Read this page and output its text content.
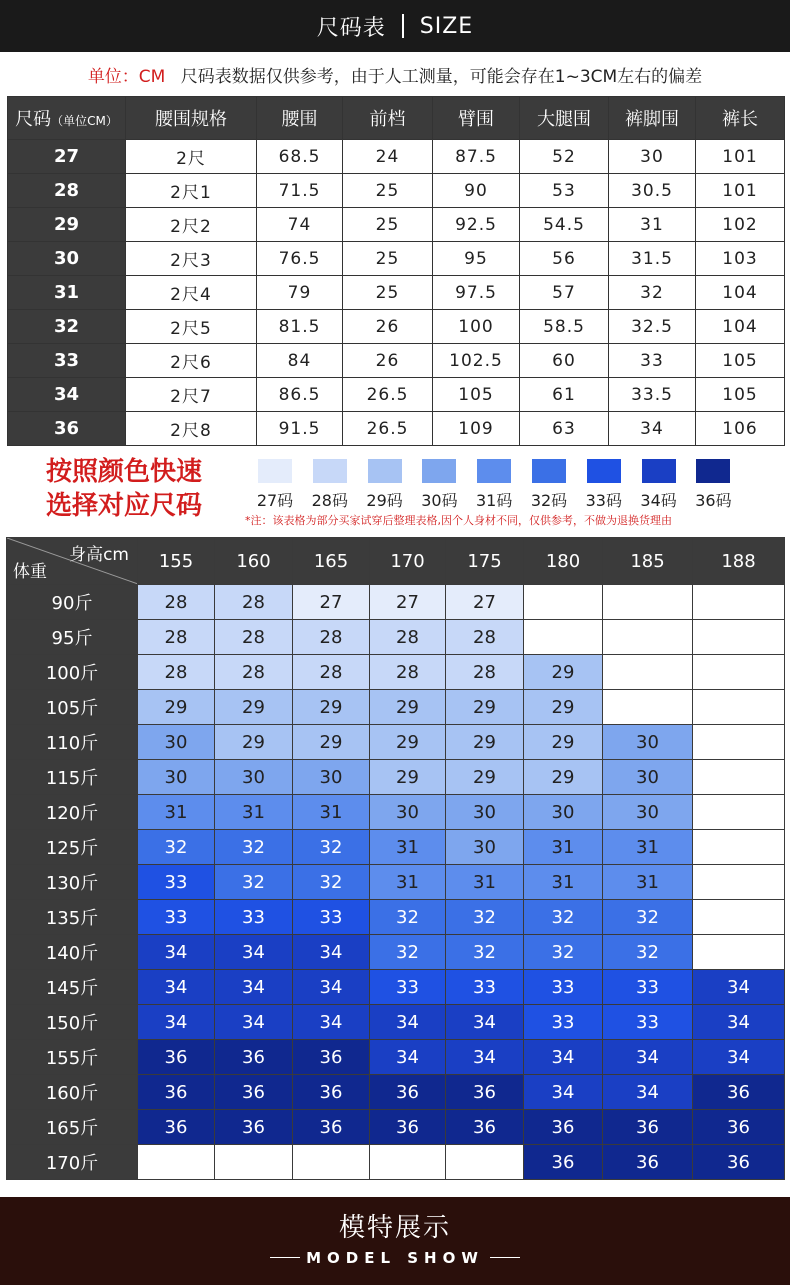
尺码表 SIZE
单位：CM 尺码表数据仅供参考，由于人工测量，可能会存在1~3CM左右的偏差
尺码（单位CM）	腰围规格	腰围	前档	臂围	大腿围	裤脚围	裤长
27	2尺	68.5	24	87.5	52	30	101
28	2尺1	71.5	25	90	53	30.5	101
29	2尺2	74	25	92.5	54.5	31	102
30	2尺3	76.5	25	95	56	31.5	103
31	2尺4	79	25	97.5	57	32	104
32	2尺5	81.5	26	100	58.5	32.5	104
33	2尺6	84	26	102.5	60	33	105
34	2尺7	86.5	26.5	105	61	33.5	105
36	2尺8	91.5	26.5	109	63	34	106
按照颜色快速
选择对应尺码	27码	28码	29码	30码	31码	32码	33码	34码	36码
*注：该表格为部分买家试穿后整理表格,因个人身材不同，仅供参考，不做为退换货理由
身高cm
体重	155	160	165	170	175	180	185	188
90斤	28	28	27	27	27			
95斤	28	28	28	28	28			
100斤	28	28	28	28	28	29		
105斤	29	29	29	29	29	29		
110斤	30	29	29	29	29	29	30	
115斤	30	30	30	29	29	29	30	
120斤	31	31	31	30	30	30	30	
125斤	32	32	32	31	30	31	31	
130斤	33	32	32	31	31	31	31	
135斤	33	33	33	32	32	32	32	
140斤	34	34	34	32	32	32	32	
145斤	34	34	34	33	33	33	33	34
150斤	34	34	34	34	34	33	33	34
155斤	36	36	36	34	34	34	34	34
160斤	36	36	36	36	36	34	34	36
165斤	36	36	36	36	36	36	36	36
170斤						36	36	36
模特展示
MODEL SHOW
